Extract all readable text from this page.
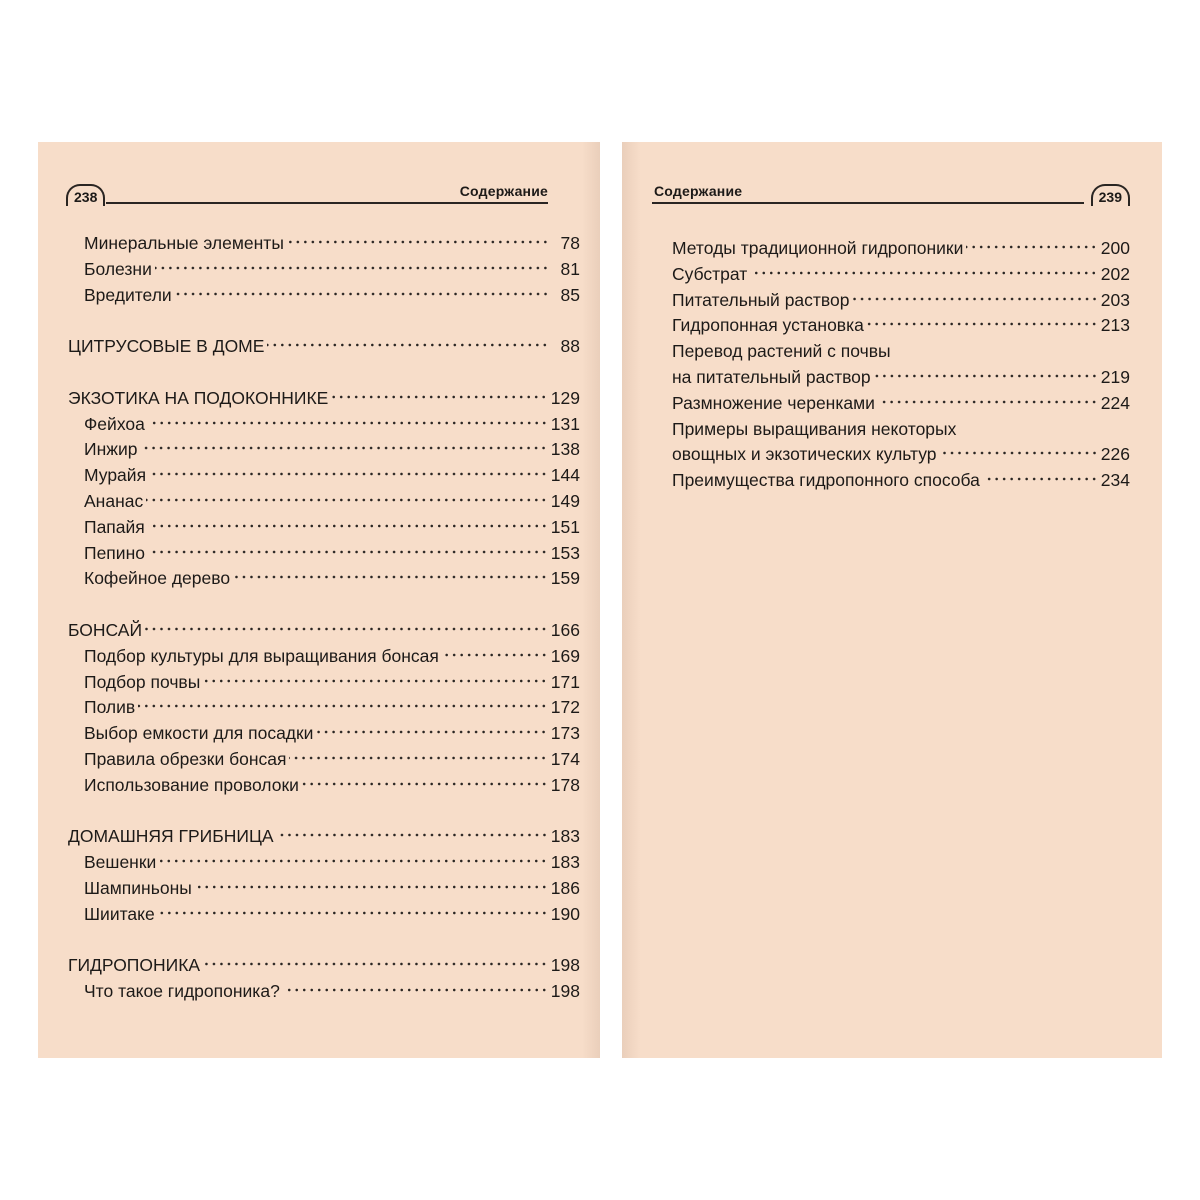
238	Содержание
Минеральные элементы	78
Болезни	81
Вредители	85
ЦИТРУСОВЫЕ В ДОМЕ	88
ЭКЗОТИКА НА ПОДОКОННИКЕ	129
Фейхоа	131
Инжир	138
Мурайя	144
Ананас	149
Папайя	151
Пепино	153
Кофейное дерево	159
БОНСАЙ	166
Подбор культуры для выращивания бонсая	169
Подбор почвы	171
Полив	172
Выбор емкости для посадки	173
Правила обрезки бонсая	174
Использование проволоки	178
ДОМАШНЯЯ ГРИБНИЦА	183
Вешенки	183
Шампиньоны	186
Шиитаке	190
ГИДРОПОНИКА	198
Что такое гидропоника?	198
Содержание	239
Методы традиционной гидропоники	200
Субстрат	202
Питательный раствор	203
Гидропонная установка	213
Перевод растений с почвы
на питательный раствор	219
Размножение черенками	224
Примеры выращивания некоторых
овощных и экзотических культур	226
Преимущества гидропонного способа	234
